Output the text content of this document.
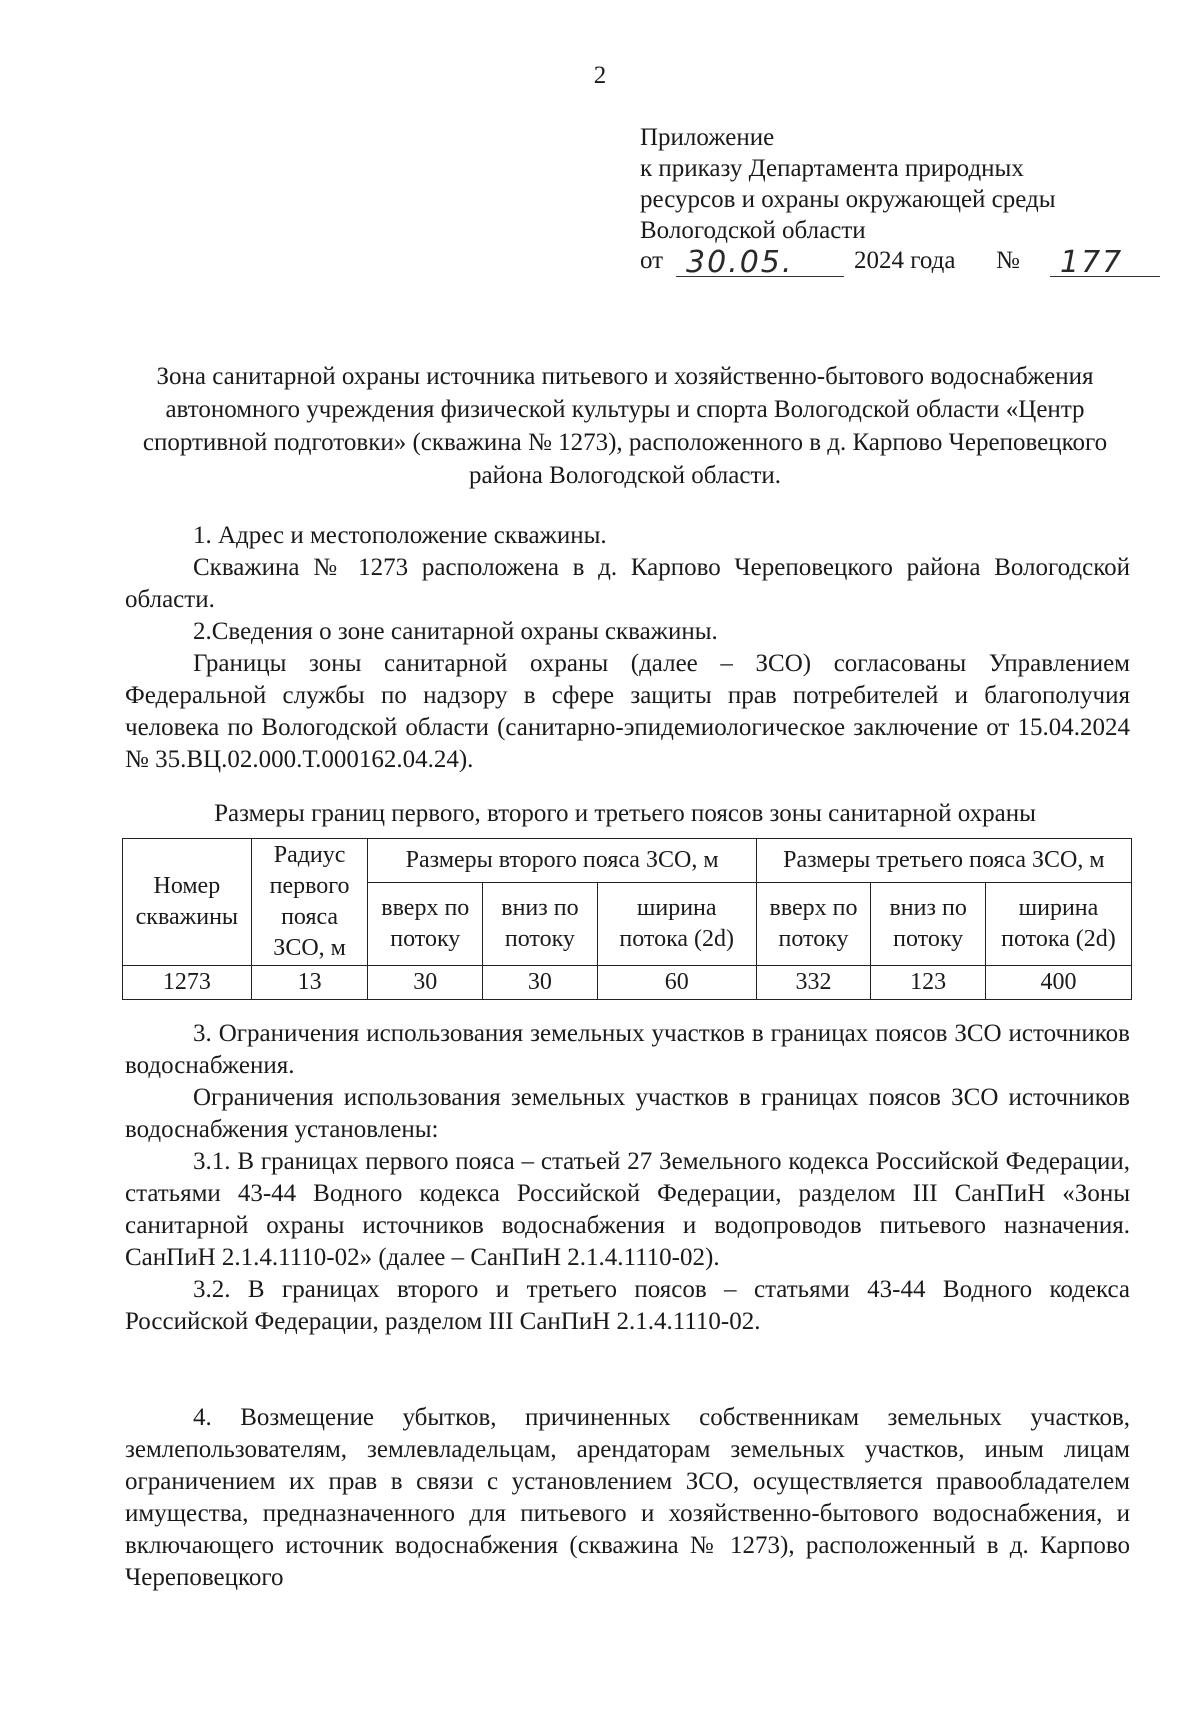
2
Приложение
к приказу Департамента природных
ресурсов и охраны окружающей среды
Вологодской области
от 30.05. 2024 года № 177
Зона санитарной охраны источника питьевого и хозяйственно-бытового водоснабжения автономного учреждения физической культуры и спорта Вологодской области «Центр спортивной подготовки» (скважина № 1273), расположенного в д. Карпово Череповецкого района Вологодской области.

1. Адрес и местоположение скважины.

Скважина № 1273 расположена в д. Карпово Череповецкого района Вологодской области.

2.Сведения о зоне санитарной охраны скважины.

Границы зоны санитарной охраны (далее – ЗСО) согласованы Управлением Федеральной службы по надзору в сфере защиты прав потребителей и благополучия человека по Вологодской области (санитарно-эпидемиологическое заключение от 15.04.2024 № 35.ВЦ.02.000.Т.000162.04.24).

Размеры границ первого, второго и третьего поясов зоны санитарной охраны
Номер скважины	Радиус первого пояса ЗСО, м	Размеры второго пояса ЗСО, м			Размеры третьего пояса ЗСО, м		
		вверх по потоку	вниз по потоку	ширина потока (2d)	вверх по потоку	вниз по потоку	ширина потока (2d)
1273	13	30	30	60	332	123	400

3. Ограничения использования земельных участков в границах поясов ЗСО источников водоснабжения.

Ограничения использования земельных участков в границах поясов ЗСО источников водоснабжения установлены:

3.1. В границах первого пояса – статьей 27 Земельного кодекса Российской Федерации, статьями 43-44 Водного кодекса Российской Федерации, разделом III СанПиН «Зоны санитарной охраны источников водоснабжения и водопроводов питьевого назначения. СанПиН 2.1.4.1110-02» (далее – СанПиН 2.1.4.1110-02).

3.2. В границах второго и третьего поясов – статьями 43-44 Водного кодекса Российской Федерации, разделом III СанПиН 2.1.4.1110-02.

4. Возмещение убытков, причиненных собственникам земельных участков, землепользователям, землевладельцам, арендаторам земельных участков, иным лицам ограничением их прав в связи с установлением ЗСО, осуществляется правообладателем имущества, предназначенного для питьевого и хозяйственно-бытового водоснабжения, и включающего источник водоснабжения (скважина № 1273), расположенный в д. Карпово Череповецкого
